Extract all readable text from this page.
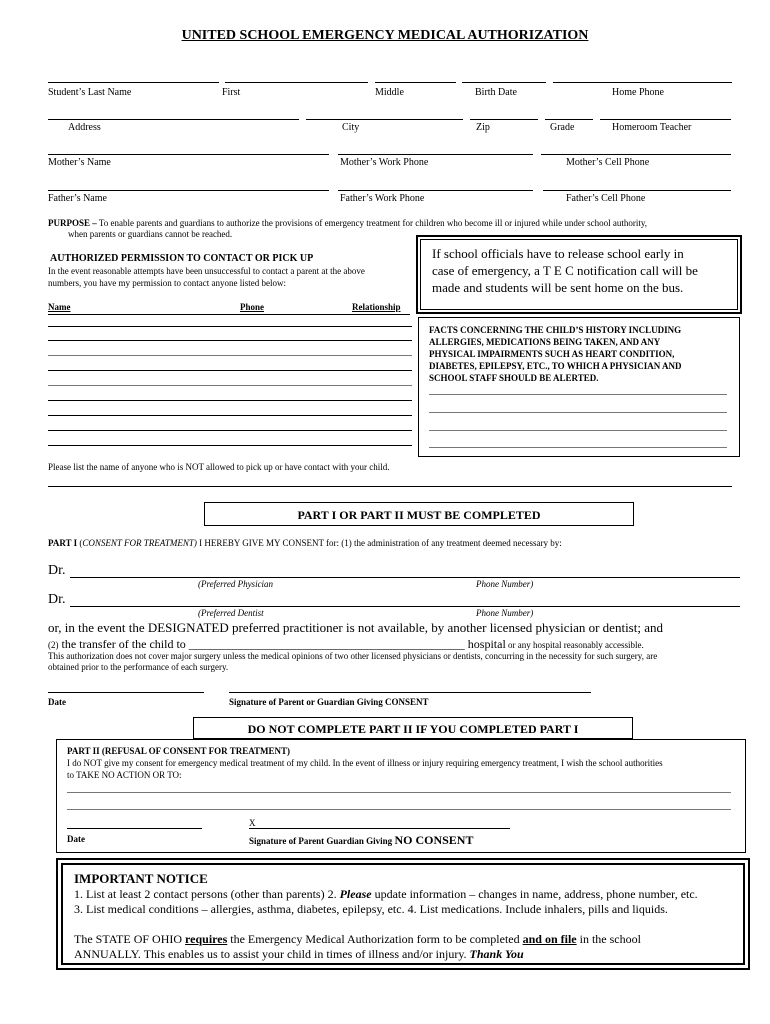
UNITED SCHOOL EMERGENCY MEDICAL AUTHORIZATION
Student’s Last Name	First	Middle	Birth Date	Home Phone
Address	City	Zip	Grade	Homeroom Teacher
Mother’s Name	Mother’s Work Phone	Mother’s Cell Phone
Father’s Name	Father’s Work Phone	Father’s Cell Phone
PURPOSE – To enable parents and guardians to authorize the provisions of emergency treatment for children who become ill or injured while under school authority,
when parents or guardians cannot be reached.
AUTHORIZED PERMISSION TO CONTACT OR PICK UP
In the event reasonable attempts have been unsuccessful to contact a parent at the above
numbers, you have my permission to contact anyone listed below:
Name	Phone	Relationship
If school officials have to release school early in
case of emergency, a T E C notification call will be
made and students will be sent home on the bus.
FACTS CONCERNING THE CHILD’S HISTORY INCLUDING
ALLERGIES, MEDICATIONS BEING TAKEN, AND ANY
PHYSICAL IMPAIRMENTS SUCH AS HEART CONDITION,
DIABETES, EPILEPSY, ETC., TO WHICH A PHYSICIAN AND
SCHOOL STAFF SHOULD BE ALERTED.
Please list the name of anyone who is NOT allowed to pick up or have contact with your child.
PART I OR PART II MUST BE COMPLETED
PART I (CONSENT FOR TREATMENT) I HEREBY GIVE MY CONSENT for: (1) the administration of any treatment deemed necessary by:
Dr.
(Preferred Physician	Phone Number)
Dr.
(Preferred Dentist	Phone Number)
or, in the event the DESIGNATED preferred practitioner is not available, by another licensed physician or dentist; and
(2) the transfer of the child to ______________________________________________ hospital or any hospital reasonably accessible.
This authorization does not cover major surgery unless the medical opinions of two other licensed physicians or dentists, concurring in the necessity for such surgery, are
obtained prior to the performance of each surgery.
Date	Signature of Parent or Guardian Giving CONSENT
DO NOT COMPLETE PART II IF YOU COMPLETED PART I
PART II (REFUSAL OF CONSENT FOR TREATMENT)
I do NOT give my consent for emergency medical treatment of my child. In the event of illness or injury requiring emergency treatment, I wish the school authorities
to TAKE NO ACTION OR TO:
X
Date	Signature of Parent Guardian Giving NO CONSENT
IMPORTANT NOTICE
1. List at least 2 contact persons (other than parents) 2. Please update information – changes in name, address, phone number, etc.
3. List medical conditions – allergies, asthma, diabetes, epilepsy, etc. 4. List medications. Include inhalers, pills and liquids.
The STATE OF OHIO requires the Emergency Medical Authorization form to be completed and on file in the school
ANNUALLY. This enables us to assist your child in times of illness and/or injury. Thank You
